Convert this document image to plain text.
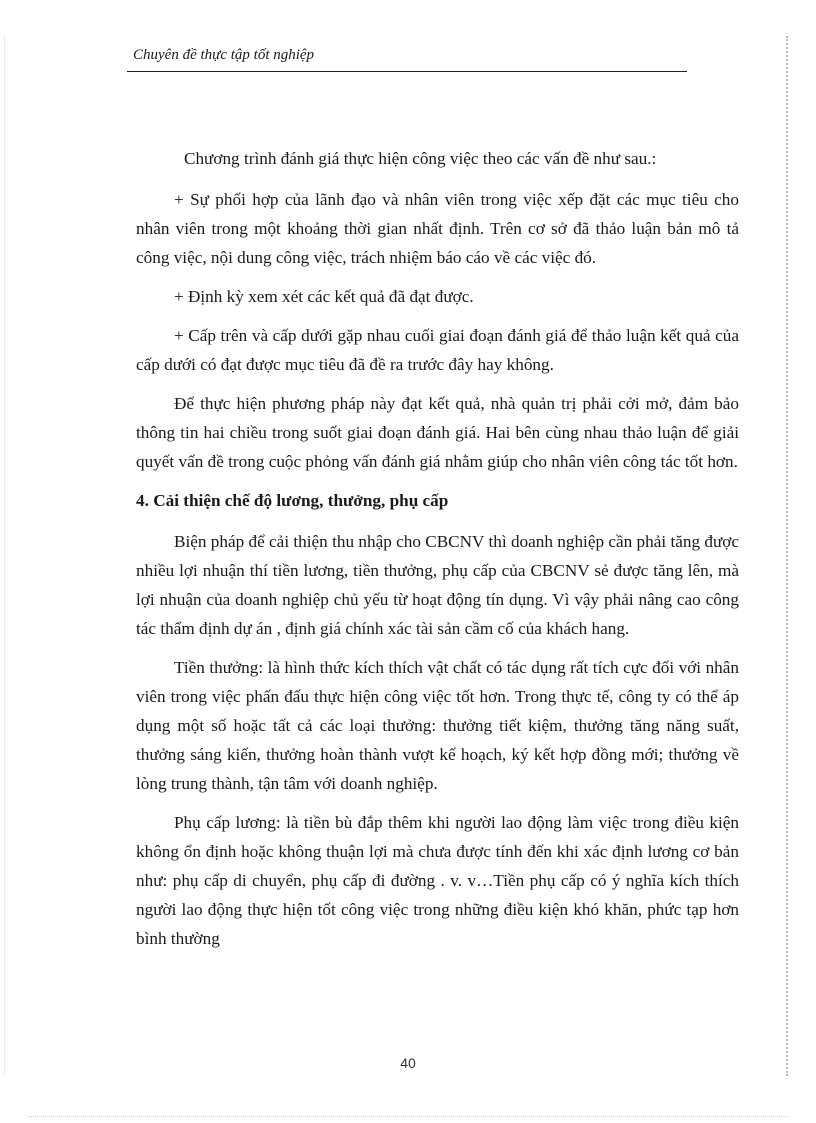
Chuyên đề thực tập tốt nghiệp

Chương trình đánh giá thực hiện công việc theo các vấn đề như sau.:

+ Sự phối hợp của lãnh đạo và nhân viên trong việc xếp đặt các mục tiêu cho nhân viên trong một khoảng thời gian nhất định. Trên cơ sở đã thảo luận bản mô tả công việc, nội dung công việc, trách nhiệm báo cáo về các việc đó.

+ Định kỳ xem xét các kết quả đã đạt được.

+ Cấp trên và cấp dưới gặp nhau cuối giai đoạn đánh giá để thảo luận kết quả của cấp dưới có đạt được mục tiêu đã đề ra trước đây hay không.

Để thực hiện phương pháp này đạt kết quả, nhà quản trị phải cởi mở, đảm bảo thông tin hai chiều trong suốt giai đoạn đánh giá. Hai bên cùng nhau thảo luận để giải quyết vấn đề trong cuộc phỏng vấn đánh giá nhằm giúp cho nhân viên công tác tốt hơn.

4. Cải thiện chế độ lương, thưởng, phụ cấp

Biện pháp để cải thiện thu nhập cho CBCNV thì doanh nghiệp cần phải tăng được nhiều lợi nhuận thí tiền lương, tiền thưởng, phụ cấp của CBCNV sẻ được tăng lên, mà lợi nhuận của doanh nghiệp chủ yếu từ hoạt động tín dụng. Vì vậy phải nâng cao công tác thẩm định dự án , định giá chính xác tài sản cầm cố của khách hang.

Tiền thưởng: là hình thức kích thích vật chất có tác dụng rất tích cực đối với nhân viên trong việc phấn đấu thực hiện công việc tốt hơn. Trong thực tế, công ty có thể áp dụng một số hoặc tất cả các loại thưởng: thưởng tiết kiệm, thưởng tăng năng suất, thưởng sáng kiến, thưởng hoàn thành vượt kế hoạch, ký kết hợp đồng mới; thưởng về lòng trung thành, tận tâm với doanh nghiệp.

Phụ cấp lương: là tiền bù đắp thêm khi người lao động làm việc trong điều kiện không ổn định hoặc không thuận lợi mà chưa được tính đến khi xác định lương cơ bản như: phụ cấp di chuyển, phụ cấp đi đường . v. v…Tiền phụ cấp có ý nghĩa kích thích người lao động thực hiện tốt công việc trong những điều kiện khó khăn, phức tạp hơn bình thường

40
